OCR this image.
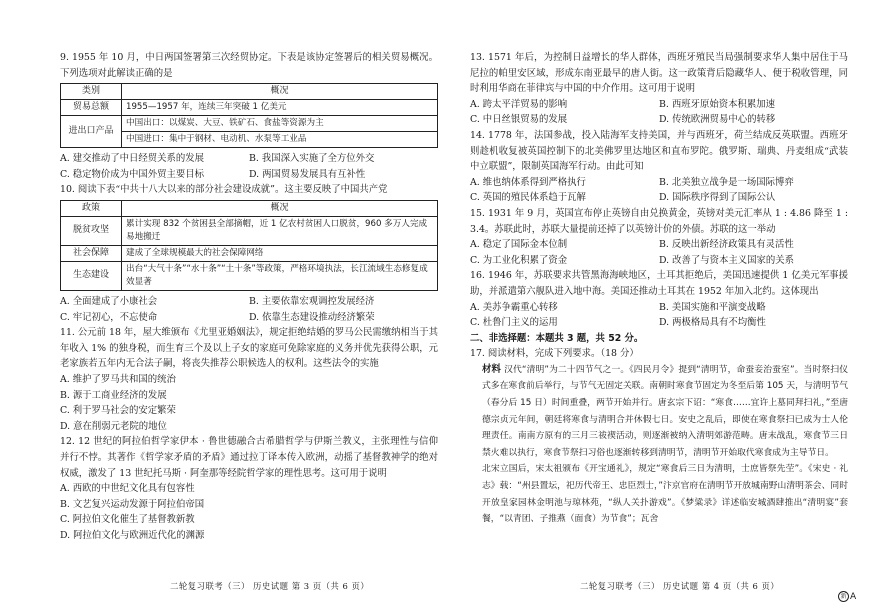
9. 1955 年 10 月，中日两国签署第三次经贸协定。下表是该协定签署后的相关贸易概况。下列选项对此解读正确的是

类别	概况
贸易总额	1955—1957 年，连续三年突破 1 亿美元
进出口产品	中国出口：以煤炭、大豆、铁矿石、食盐等资源为主
	中国进口：集中于钢材、电动机、水泵等工业品
A. 建交推动了中日经贸关系的发展	B. 我国深入实施了全方位外交
C. 稳定物价成为中国外贸主要目标	D. 两国贸易发展具有互补性

10. 阅读下表“中共十八大以来的部分社会建设成就”。这主要反映了中国共产党

政策	概况
脱贫攻坚	累计实现 832 个贫困县全部摘帽，近 1 亿农村贫困人口脱贫，960 多万人完成易地搬迁
社会保障	建成了全球规模最大的社会保障网络
生态建设	出台“大气十条”“水十条”“土十条”等政策，严格环境执法，长江流域生态修复成效显著
A. 全面建成了小康社会	B. 主要依靠宏观调控发展经济
C. 牢记初心，不忘使命	D. 依靠生态建设推动经济繁荣

11. 公元前 18 年，屋大维颁布《尤里亚婚姻法》，规定拒绝结婚的罗马公民需缴纳相当于其年收入 1% 的独身税，而生育三个及以上子女的家庭可免除家庭的义务并优先获得公职，元老家族若五年内无合法子嗣，将丧失推荐公职候选人的权利。这些法令的实施

A. 维护了罗马共和国的统治
B. 源于工商业经济的发展
C. 利于罗马社会的安定繁荣
D. 意在削弱元老院的地位

12. 12 世纪的阿拉伯哲学家伊本 · 鲁世德融合古希腊哲学与伊斯兰教义，主张理性与信仰并行不悖。其著作《哲学家矛盾的矛盾》通过拉丁译本传入欧洲，动摇了基督教神学的绝对权威，激发了 13 世纪托马斯 · 阿奎那等经院哲学家的理性思考。这可用于说明

A. 西欧的中世纪文化具有包容性
B. 文艺复兴运动发源于阿拉伯帝国
C. 阿拉伯文化催生了基督教新教
D. 阿拉伯文化与欧洲近代化的渊源

13. 1571 年后，为控制日益增长的华人群体，西班牙殖民当局强制要求华人集中居住于马尼拉的帕里安区域，形成东南亚最早的唐人街。这一政策背后隐藏华人、便于税收管理，同时利用华商在菲律宾与中国的中介作用。这可用于说明

A. 跨太平洋贸易的影响	B. 西班牙原始资本积累加速
C. 中日丝银贸易的发展	D. 传统欧洲贸易中心的转移

14. 1778 年，法国参战，投入陆海军支持美国，并与西班牙，荷兰结成反英联盟。西班牙则趁机收复被英国控制下的北美佛罗里达地区和直布罗陀。俄罗斯、瑞典、丹麦组成“武装中立联盟”，限制英国海军行动。由此可知

A. 维也纳体系得到严格执行	B. 北美独立战争是一场国际博弈
C. 英国的殖民体系趋于瓦解	D. 国际秩序得到了国际公认

15. 1931 年 9 月，英国宣布停止英镑自由兑换黄金，英镑对美元汇率从 1 : 4.86 降至 1 : 3.4。苏联此时，苏联大量提前还掉了以英镑计价的外债。苏联的这一举动

A. 稳定了国际金本位制	B. 反映出新经济政策具有灵活性
C. 为工业化积累了资金	D. 改善了与资本主义国家的关系

16. 1946 年，苏联要求共管黑海海峡地区，土耳其拒绝后，美国迅速提供 1 亿美元军事援助，并派遣第六舰队进入地中海。美国还推动土耳其在 1952 年加入北约。这体现出

A. 美苏争霸重心转移	B. 美国实施和平演变战略
C. 杜鲁门主义的运用	D. 两极格局具有不均衡性
二、非选择题：本题共 3 题，共 52 分。

17. 阅读材料，完成下列要求。（18 分）

材料 汉代“清明”为二十四节气之一。《四民月令》提到“清明节，命蚕妾治蚕室”。当时祭扫仪式多在寒食前后举行，与节气无固定关联。南朝时寒食节固定为冬至后第 105 天，与清明节气（春分后 15 日）时间重叠，两节开始并行。唐玄宗下诏：“寒食……宜许上墓同拜扫礼，”至唐德宗贞元年间，朝廷将寒食与清明合并休假七日。安史之乱后，即使在寒食祭扫已成为士人伦理责任。南南方原有的三月三祓禊活动，则逐渐被纳入清明郊游范畴。唐末战乱，寒食节三日禁火难以执行，寒食节祭扫习俗也逐渐转移到清明节，清明节开始取代寒食成为主导节日。
北宋立国后，宋太祖颁布《开宝通礼》，规定“寒食后三日为清明，士庶皆祭先茔”。《宋史 · 礼志》载：“州县置坛，祀历代帝王、忠臣烈士，”汴京官府在清明节开放城南野山清明茶会、同时开放皇家园林金明池与琼林苑，“纵人关扑游戏”。《梦粱录》详述临安城酒肆推出“清明宴”套餐，“以青团、子推燕（面食）为节食”；瓦舍
二轮复习联考（三） 历史试题 第 3 页（共 6 页）	二轮复习联考（三） 历史试题 第 4 页（共 6 页）
新 A
